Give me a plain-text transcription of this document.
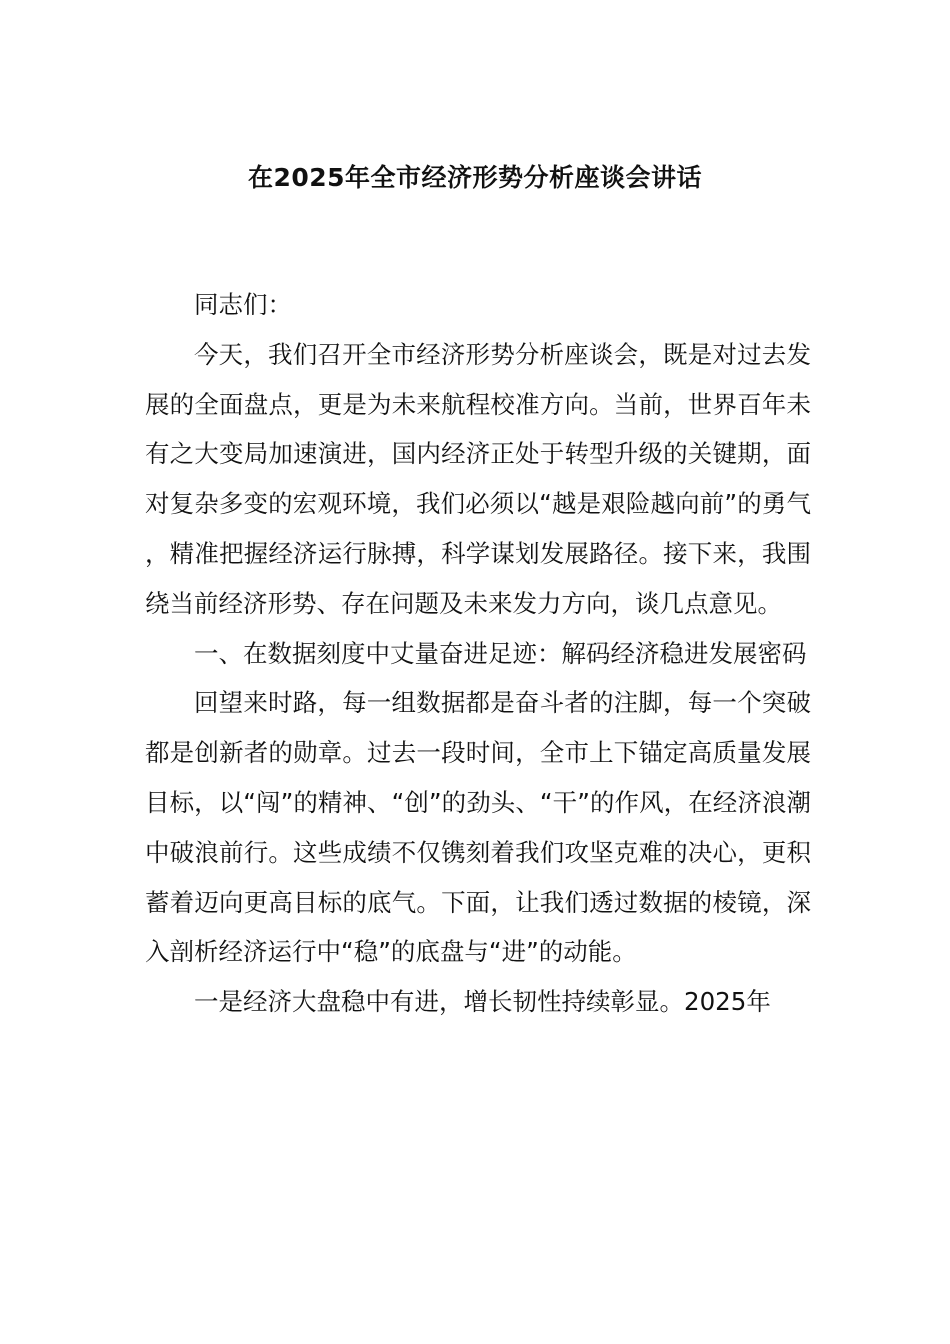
在2025年全市经济形势分析座谈会讲话

同志们：

今天，我们召开全市经济形势分析座谈会，既是对过去发展的全面盘点，更是为未来航程校准方向。当前，世界百年未有之大变局加速演进，国内经济正处于转型升级的关键期，面对复杂多变的宏观环境，我们必须以“越是艰险越向前”的勇气，精准把握经济运行脉搏，科学谋划发展路径。接下来，我围绕当前经济形势、存在问题及未来发力方向，谈几点意见。

一、在数据刻度中丈量奋进足迹：解码经济稳进发展密码

回望来时路，每一组数据都是奋斗者的注脚，每一个突破都是创新者的勋章。过去一段时间，全市上下锚定高质量发展目标，以“闯”的精神、“创”的劲头、“干”的作风，在经济浪潮中破浪前行。这些成绩不仅镌刻着我们攻坚克难的决心，更积蓄着迈向更高目标的底气。下面，让我们透过数据的棱镜，深入剖析经济运行中“稳”的底盘与“进”的动能。

一是经济大盘稳中有进，增长韧性持续彰显。2025年
